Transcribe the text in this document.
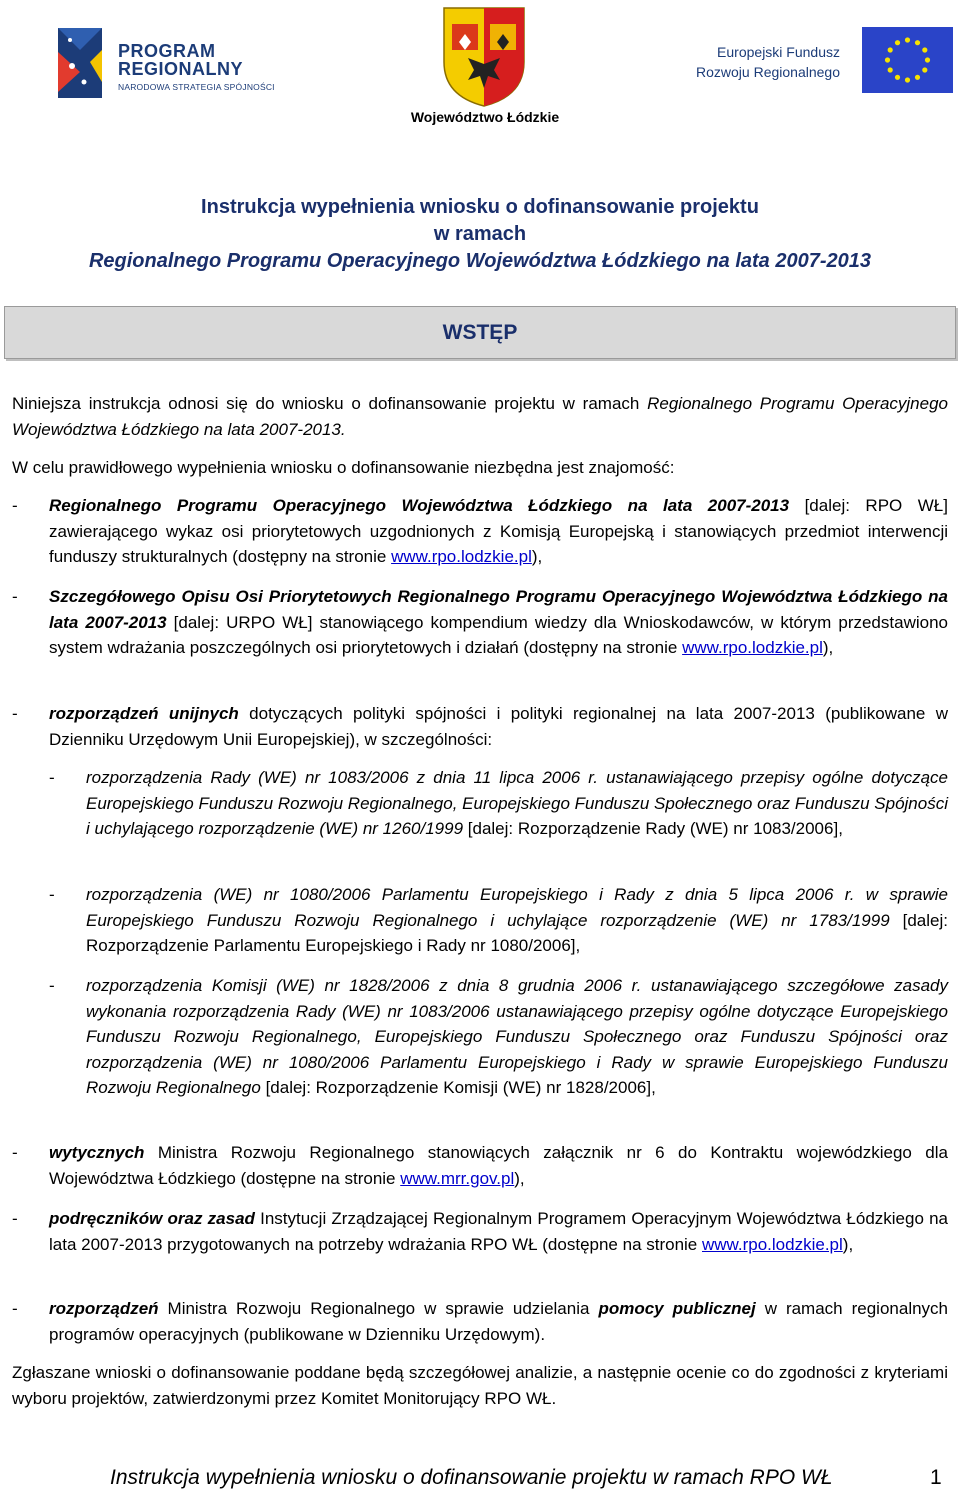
PROGRAM
REGIONALNY
NARODOWA STRATEGIA SPÓJNOŚCI
Województwo Łódzkie
Europejski Fundusz
Rozwoju Regionalnego
Instrukcja wypełnienia wniosku o dofinansowanie projektu
w ramach
Regionalnego Programu Operacyjnego Województwa Łódzkiego na lata 2007-2013
WSTĘP
Niniejsza instrukcja odnosi się do wniosku o dofinansowanie projektu w ramach Regionalnego Programu Operacyjnego Województwa Łódzkiego na lata 2007-2013.
W celu prawidłowego wypełnienia wniosku o dofinansowanie niezbędna jest znajomość:
- Regionalnego Programu Operacyjnego Województwa Łódzkiego na lata 2007-2013 [dalej: RPO WŁ] zawierającego wykaz osi priorytetowych uzgodnionych z Komisją Europejską i stanowiących przedmiot interwencji funduszy strukturalnych (dostępny na stronie www.rpo.lodzkie.pl),
- Szczegółowego Opisu Osi Priorytetowych Regionalnego Programu Operacyjnego Województwa Łódzkiego na lata 2007-2013 [dalej: URPO WŁ] stanowiącego kompendium wiedzy dla Wnioskodawców, w którym przedstawiono system wdrażania poszczególnych osi priorytetowych i działań (dostępny na stronie www.rpo.lodzkie.pl),
- rozporządzeń unijnych dotyczących polityki spójności i polityki regionalnej na lata 2007-2013 (publikowane w Dzienniku Urzędowym Unii Europejskiej), w szczególności:
- rozporządzenia Rady (WE) nr 1083/2006 z dnia 11 lipca 2006 r. ustanawiającego przepisy ogólne dotyczące Europejskiego Funduszu Rozwoju Regionalnego, Europejskiego Funduszu Społecznego oraz Funduszu Spójności i uchylającego rozporządzenie (WE) nr 1260/1999 [dalej: Rozporządzenie Rady (WE) nr 1083/2006],
- rozporządzenia (WE) nr 1080/2006 Parlamentu Europejskiego i Rady z dnia 5 lipca 2006 r. w sprawie Europejskiego Funduszu Rozwoju Regionalnego i uchylające rozporządzenie (WE) nr 1783/1999 [dalej: Rozporządzenie Parlamentu Europejskiego i Rady nr 1080/2006],
- rozporządzenia Komisji (WE) nr 1828/2006 z dnia 8 grudnia 2006 r. ustanawiającego szczegółowe zasady wykonania rozporządzenia Rady (WE) nr 1083/2006 ustanawiającego przepisy ogólne dotyczące Europejskiego Funduszu Rozwoju Regionalnego, Europejskiego Funduszu Społecznego oraz Funduszu Spójności oraz rozporządzenia (WE) nr 1080/2006 Parlamentu Europejskiego i Rady w sprawie Europejskiego Funduszu Rozwoju Regionalnego [dalej: Rozporządzenie Komisji (WE) nr 1828/2006],
- wytycznych Ministra Rozwoju Regionalnego stanowiących załącznik nr 6 do Kontraktu wojewódzkiego dla Województwa Łódzkiego (dostępne na stronie www.mrr.gov.pl),
- podręczników oraz zasad Instytucji Zrządzającej Regionalnym Programem Operacyjnym Województwa Łódzkiego na lata 2007-2013 przygotowanych na potrzeby wdrażania RPO WŁ (dostępne na stronie www.rpo.lodzkie.pl),
- rozporządzeń Ministra Rozwoju Regionalnego w sprawie udzielania pomocy publicznej w ramach regionalnych programów operacyjnych (publikowane w Dzienniku Urzędowym).
Zgłaszane wnioski o dofinansowanie poddane będą szczegółowej analizie, a następnie ocenie co do zgodności z kryteriami wyboru projektów, zatwierdzonymi przez Komitet Monitorujący RPO WŁ.
Instrukcja wypełnienia wniosku o dofinansowanie projektu w ramach RPO WŁ	1
